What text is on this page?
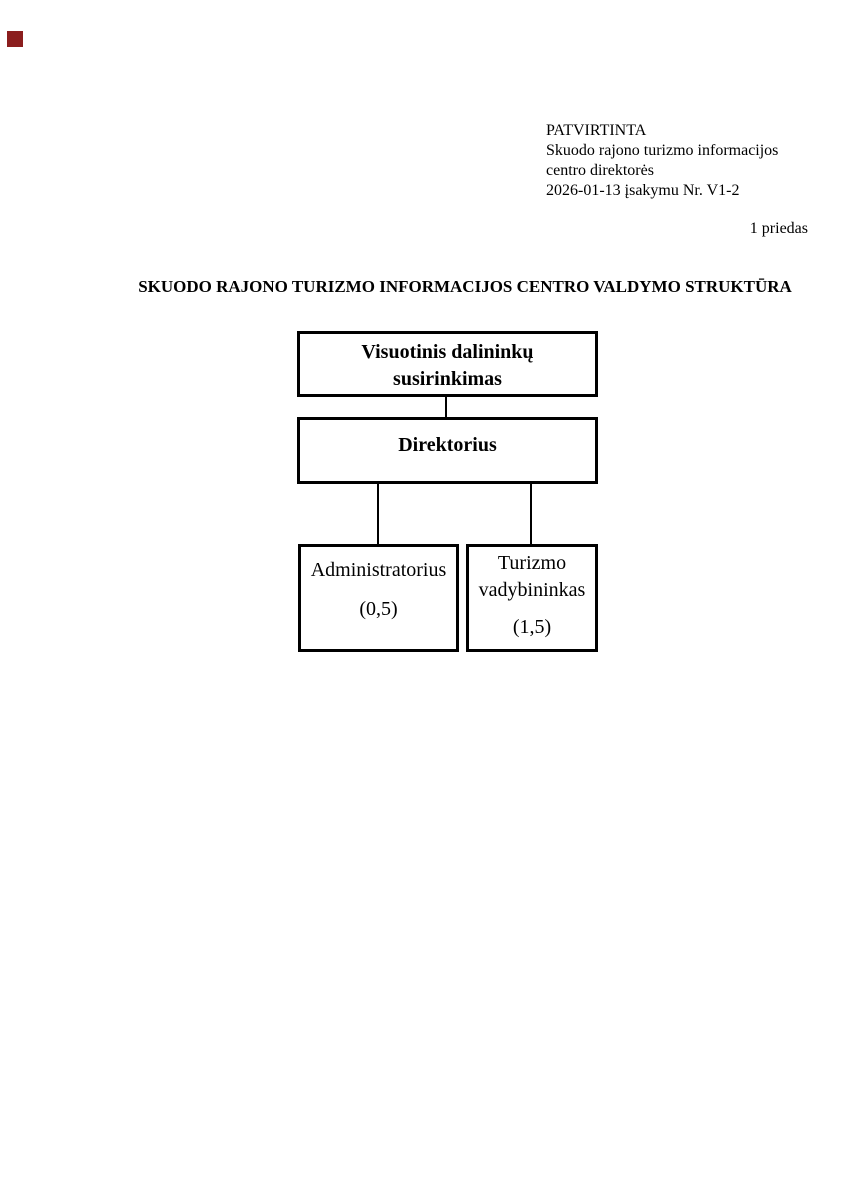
PATVIRTINTA
Skuodo rajono turizmo informacijos
centro direktorės
2026-01-13 įsakymu Nr. V1-2
1 priedas
SKUODO RAJONO TURIZMO INFORMACIJOS CENTRO VALDYMO STRUKTŪRA
Visuotinis dalininkų susirinkimas
Direktorius
Administratorius
(0,5)
Turizmo vadybininkas
(1,5)
